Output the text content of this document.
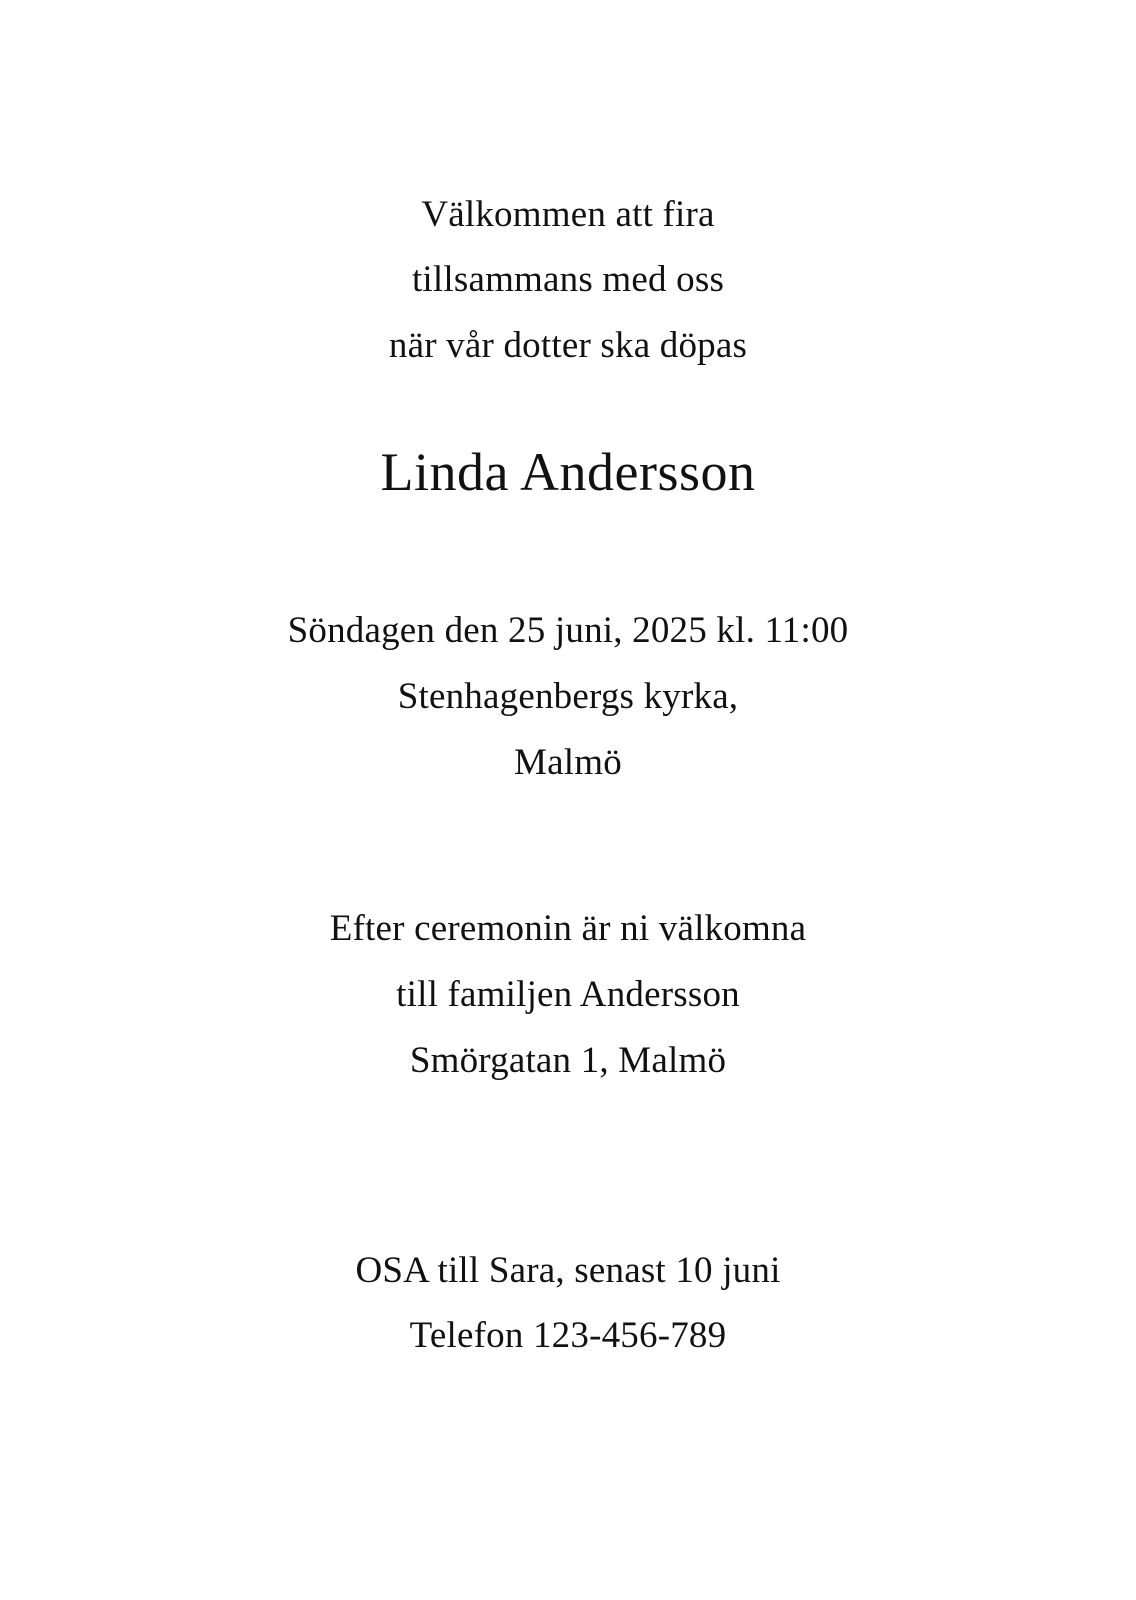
Välkommen att fira
tillsammans med oss
när vår dotter ska döpas
Linda Andersson
Söndagen den 25 juni, 2025 kl. 11:00
Stenhagenbergs kyrka,
Malmö
Efter ceremonin är ni välkomna
till familjen Andersson
Smörgatan 1, Malmö
OSA till Sara, senast 10 juni
Telefon 123-456-789
